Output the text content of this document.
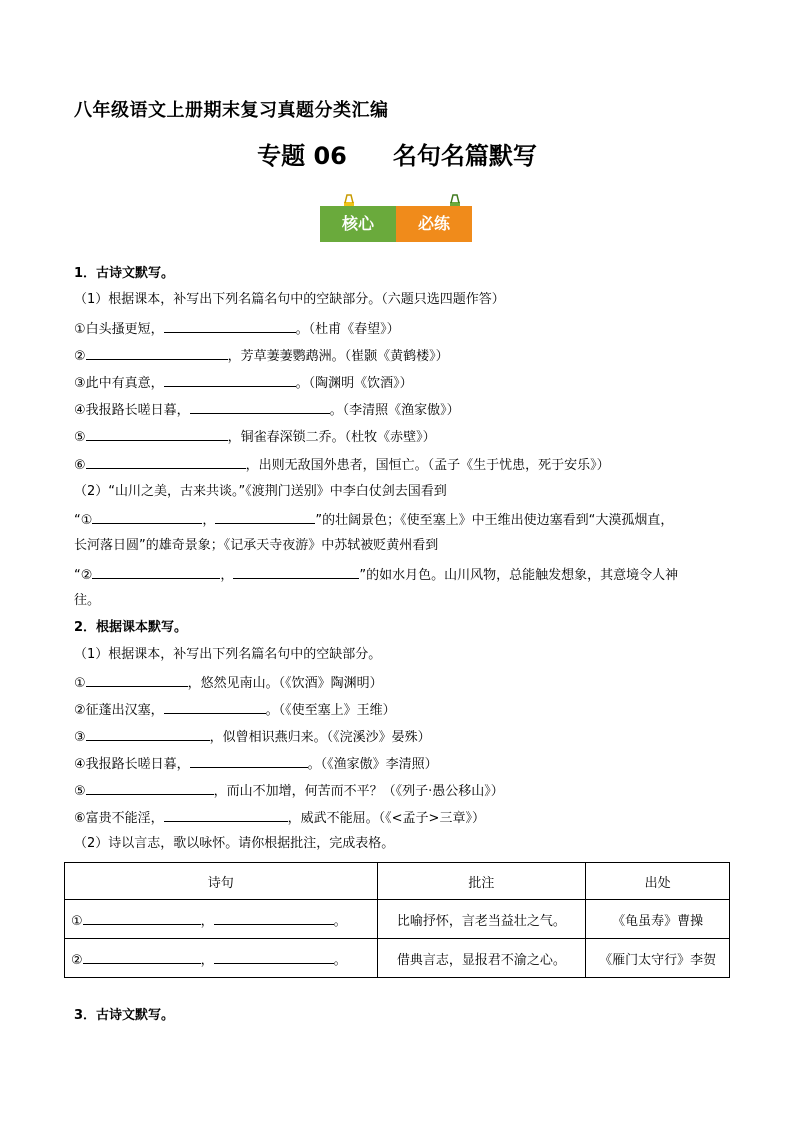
八年级语文上册期末复习真题分类汇编
专题 06 名句名篇默写
核心	必练
1．古诗文默写。
（1）根据课本，补写出下列名篇名句中的空缺部分。（六题只选四题作答）
①白头搔更短，	。（杜甫《春望》）
②	，芳草萋萋鹦鹉洲。（崔颢《黄鹤楼》）
③此中有真意，	。（陶渊明《饮酒》）
④我报路长嗟日暮，	。（李清照《渔家傲》）
⑤	，铜雀春深锁二乔。（杜牧《赤壁》）
⑥	，出则无敌国外患者，国恒亡。（孟子《生于忧患，死于安乐》）
（2）“山川之美，古来共谈。”《渡荆门送别》中李白仗剑去国看到
“①	，	”的壮阔景色；《使至塞上》中王维出使边塞看到“大漠孤烟直，
长河落日圆”的雄奇景象；《记承天寺夜游》中苏轼被贬黄州看到
“②	，	”的如水月色。山川风物，总能触发想象，其意境令人神
往。
2．根据课本默写。
（1）根据课本，补写出下列名篇名句中的空缺部分。
①	，悠然见南山。（《饮酒》陶渊明）
②征蓬出汉塞，	。（《使至塞上》王维）
③	，似曾相识燕归来。（《浣溪沙》晏殊）
④我报路长嗟日暮，	。（《渔家傲》李清照）
⑤	，而山不加增，何苦而不平？（《列子·愚公移山》）
⑥富贵不能淫，	，威武不能屈。（《<孟子>三章》）
（2）诗以言志，歌以咏怀。请你根据批注，完成表格。
诗句	批注	出处
① ， 。	比喻抒怀，言老当益壮之气。	《龟虽寿》曹操
② ， 。	借典言志，显报君不渝之心。	《雁门太守行》李贺
3．古诗文默写。
